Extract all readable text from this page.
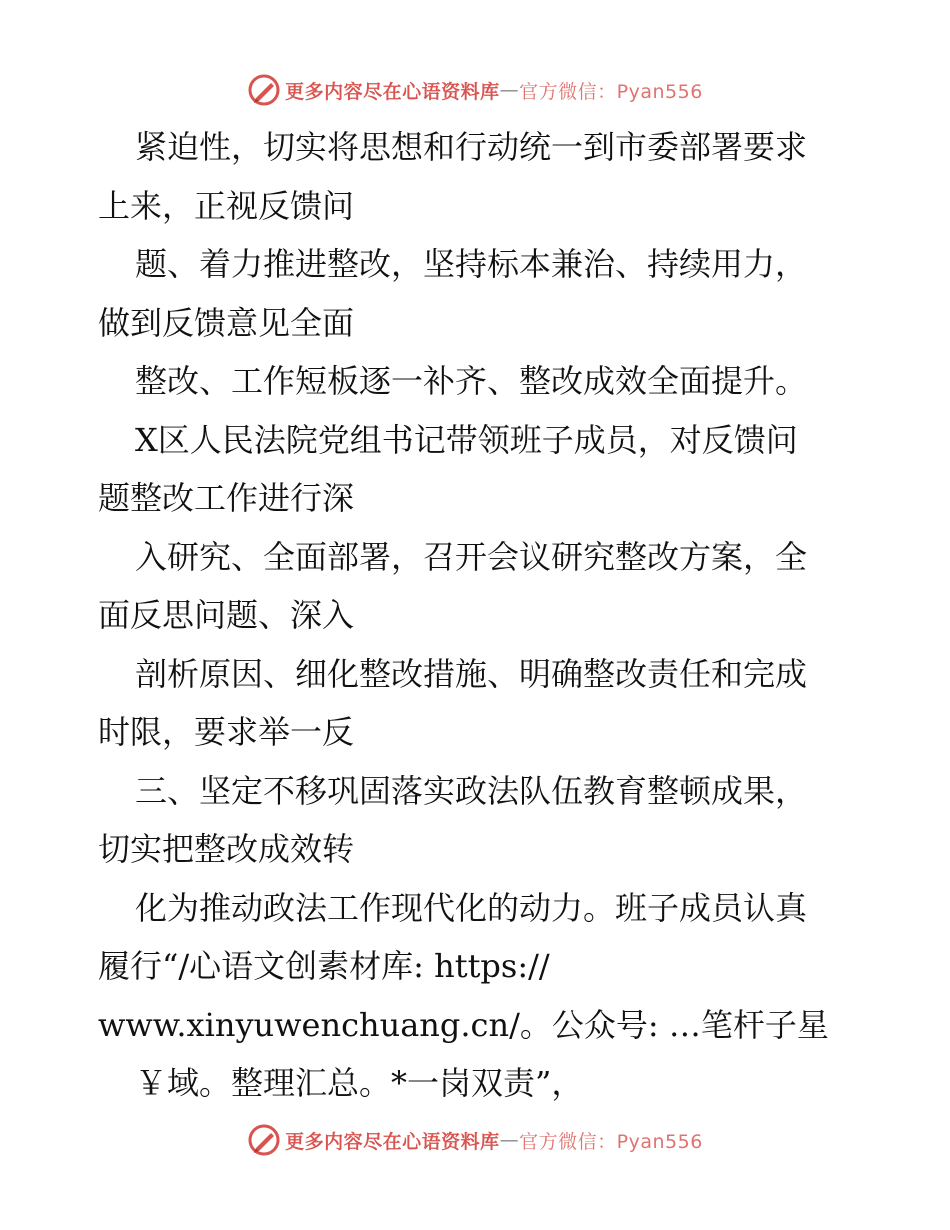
更多内容尽在心语资料库 — 官方微信：Pyan556
紧迫性，切实将思想和行动统一到市委部署要求
上来，正视反馈问
题、着力推进整改，坚持标本兼治、持续用力，
做到反馈意见全面
整改、工作短板逐一补齐、整改成效全面提升。
X区人民法院党组书记带领班子成员，对反馈问
题整改工作进行深
入研究、全面部署，召开会议研究整改方案，全
面反思问题、深入
剖析原因、细化整改措施、明确整改责任和完成
时限，要求举一反
三、坚定不移巩固落实政法队伍教育整顿成果，
切实把整改成效转
化为推动政法工作现代化的动力。班子成员认真
履行“/心语文创素材库: https://
www.xinyuwenchuang.cn/。公众号: …笔杆子星
￥域。整理汇总。*一岗双责”，
更多内容尽在心语资料库 — 官方微信：Pyan556
